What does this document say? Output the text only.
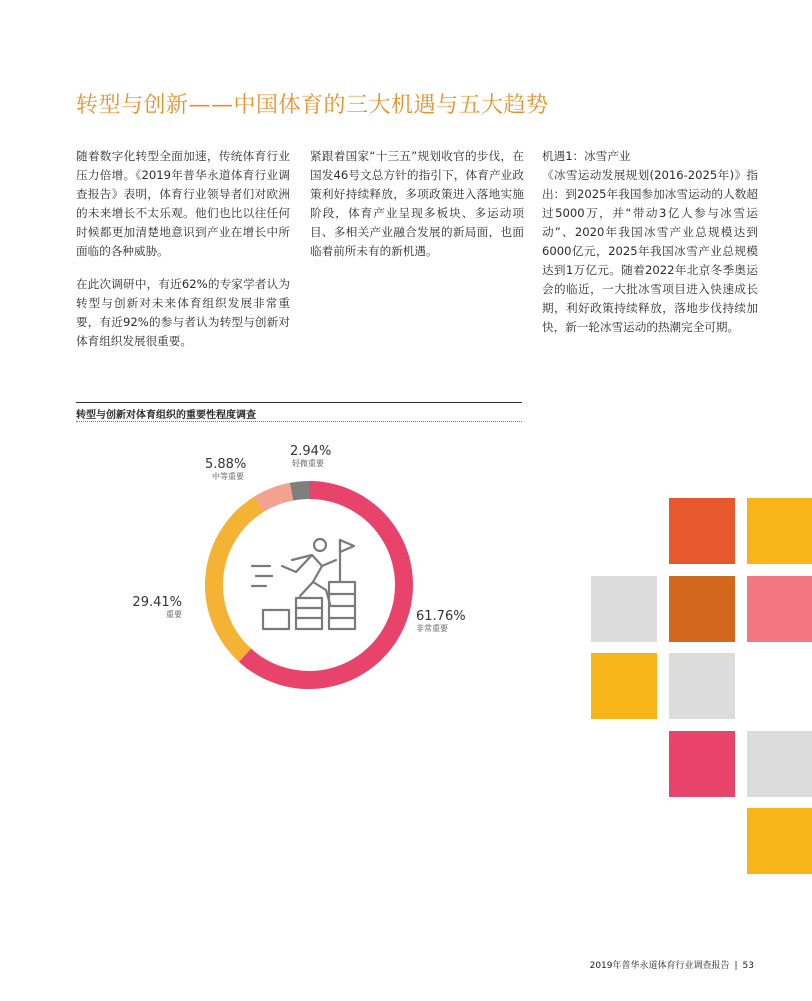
转型与创新——中国体育的三大机遇与五大趋势

随着数字化转型全面加速，传统体育行业压力倍增。《2019年普华永道体育行业调查报告》表明，体育行业领导者们对欧洲的未来增长不太乐观。他们也比以往任何时候都更加清楚地意识到产业在增长中所面临的各种威胁。

在此次调研中，有近62%的专家学者认为转型与创新对未来体育组织发展非常重要，有近92%的参与者认为转型与创新对体育组织发展很重要。

紧跟着国家“十三五”规划收官的步伐，在国发46号文总方针的指引下，体育产业政策利好持续释放，多项政策进入落地实施阶段，体育产业呈现多板块、多运动项目、多相关产业融合发展的新局面，也面临着前所未有的新机遇。

机遇1：冰雪产业

《冰雪运动发展规划(2016-2025年)》指出：到2025年我国参加冰雪运动的人数超过5000万，并“带动3亿人参与冰雪运动”、2020年我国冰雪产业总规模达到6000亿元，2025年我国冰雪产业总规模达到1万亿元。随着2022年北京冬季奥运会的临近，一大批冰雪项目进入快速成长期，利好政策持续释放，落地步伐持续加快，新一轮冰雪运动的热潮完全可期。

转型与创新对体育组织的重要性程度调查
2.94%
轻微重要
5.88%
中等重要
29.41%
重要	61.76%
非常重要
2019年普华永道体育行业调查报告 | 53
